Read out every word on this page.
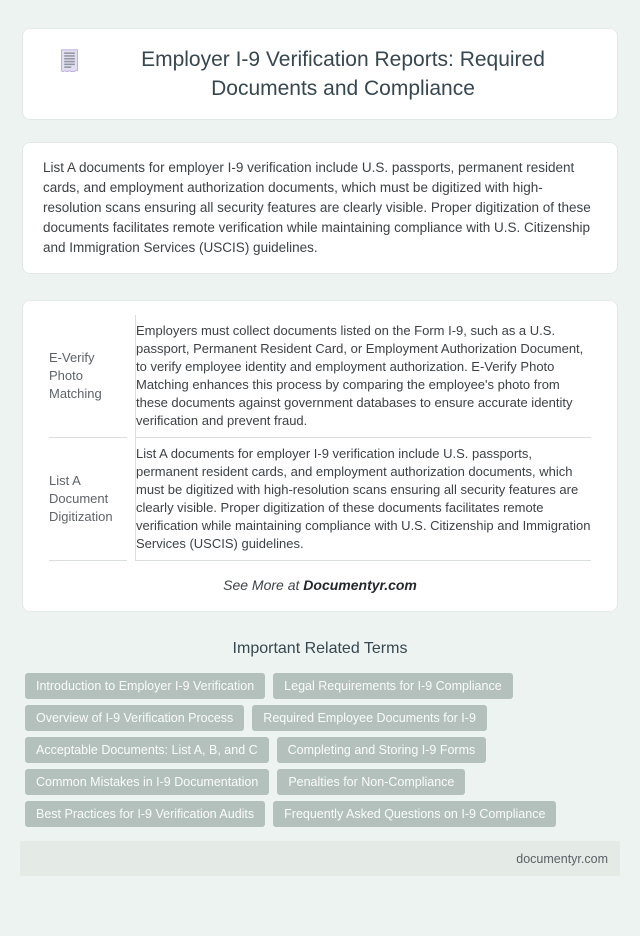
Employer I-9 Verification Reports: Required Documents and Compliance

List A documents for employer I-9 verification include U.S. passports, permanent resident cards, and employment authorization documents, which must be digitized with high-resolution scans ensuring all security features are clearly visible. Proper digitization of these documents facilitates remote verification while maintaining compliance with U.S. Citizenship and Immigration Services (USCIS) guidelines.

E-Verify Photo Matching	Employers must collect documents listed on the Form I-9, such as a U.S. passport, Permanent Resident Card, or Employment Authorization Document, to verify employee identity and employment authorization. E-Verify Photo Matching enhances this process by comparing the employee's photo from these documents against government databases to ensure accurate identity verification and prevent fraud.
List A Document Digitization	List A documents for employer I-9 verification include U.S. passports, permanent resident cards, and employment authorization documents, which must be digitized with high-resolution scans ensuring all security features are clearly visible. Proper digitization of these documents facilitates remote verification while maintaining compliance with U.S. Citizenship and Immigration Services (USCIS) guidelines.

See More at Documentyr.com

Important Related Terms
Introduction to Employer I-9 Verification	Legal Requirements for I-9 Compliance
Overview of I-9 Verification Process	Required Employee Documents for I-9
Acceptable Documents: List A, B, and C	Completing and Storing I-9 Forms
Common Mistakes in I-9 Documentation	Penalties for Non-Compliance
Best Practices for I-9 Verification Audits	Frequently Asked Questions on I-9 Compliance
documentyr.com
